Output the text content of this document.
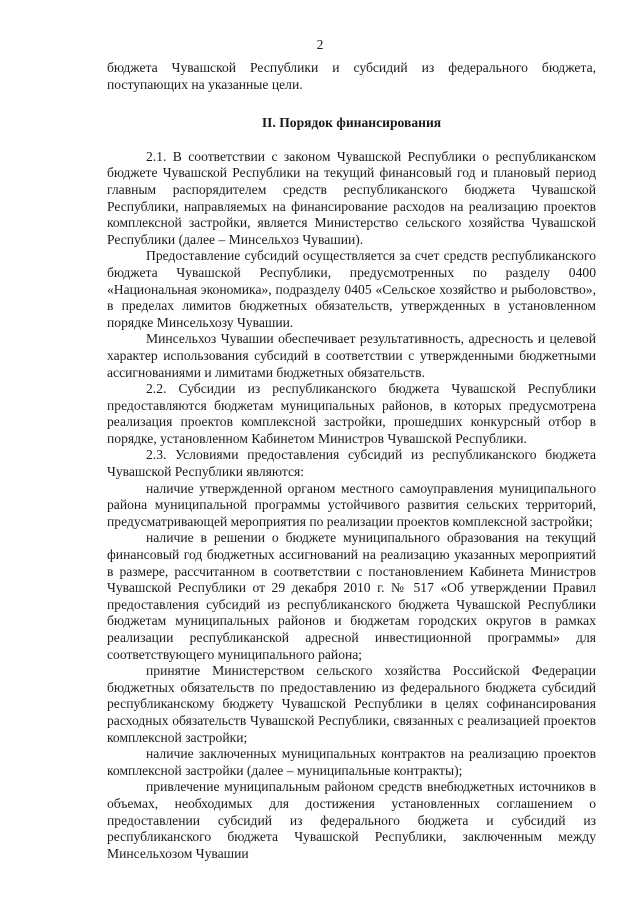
2

бюджета Чувашской Республики и субсидий из федерального бюджета, поступающих на указанные цели.

II. Порядок финансирования

2.1. В соответствии с законом Чувашской Республики о республиканском бюджете Чувашской Республики на текущий финансовый год и плановый период главным распорядителем средств республиканского бюджета Чувашской Республики, направляемых на финансирование расходов на реализацию проектов комплексной застройки, является Министерство сельского хозяйства Чувашской Республики (далее – Минсельхоз Чувашии).

Предоставление субсидий осуществляется за счет средств республиканского бюджета Чувашской Республики, предусмотренных по разделу 0400 «Национальная экономика», подразделу 0405 «Сельское хозяйство и рыболовство», в пределах лимитов бюджетных обязательств, утвержденных в установленном порядке Минсельхозу Чувашии.

Минсельхоз Чувашии обеспечивает результативность, адресность и целевой характер использования субсидий в соответствии с утвержденными бюджетными ассигнованиями и лимитами бюджетных обязательств.

2.2. Субсидии из республиканского бюджета Чувашской Республики предоставляются бюджетам муниципальных районов, в которых предусмотрена реализация проектов комплексной застройки, прошедших конкурсный отбор в порядке, установленном Кабинетом Министров Чувашской Республики.

2.3. Условиями предоставления субсидий из республиканского бюджета Чувашской Республики являются:

наличие утвержденной органом местного самоуправления муниципального района муниципальной программы устойчивого развития сельских территорий, предусматривающей мероприятия по реализации проектов комплексной застройки;

наличие в решении о бюджете муниципального образования на текущий финансовый год бюджетных ассигнований на реализацию указанных мероприятий в размере, рассчитанном в соответствии с постановлением Кабинета Министров Чувашской Республики от 29 декабря 2010 г. № 517 «Об утверждении Правил предоставления субсидий из республиканского бюджета Чувашской Республики бюджетам муниципальных районов и бюджетам городских округов в рамках реализации республиканской адресной инвестиционной программы» для соответствующего муниципального района;

принятие Министерством сельского хозяйства Российской Федерации бюджетных обязательств по предоставлению из федерального бюджета субсидий республиканскому бюджету Чувашской Республики в целях софинансирования расходных обязательств Чувашской Республики, связанных с реализацией проектов комплексной застройки;

наличие заключенных муниципальных контрактов на реализацию проектов комплексной застройки (далее – муниципальные контракты);

привлечение муниципальным районом средств внебюджетных источников в объемах, необходимых для достижения установленных соглашением о предоставлении субсидий из федерального бюджета и субсидий из республиканского бюджета Чувашской Республики, заключенным между Минсельхозом Чувашии
